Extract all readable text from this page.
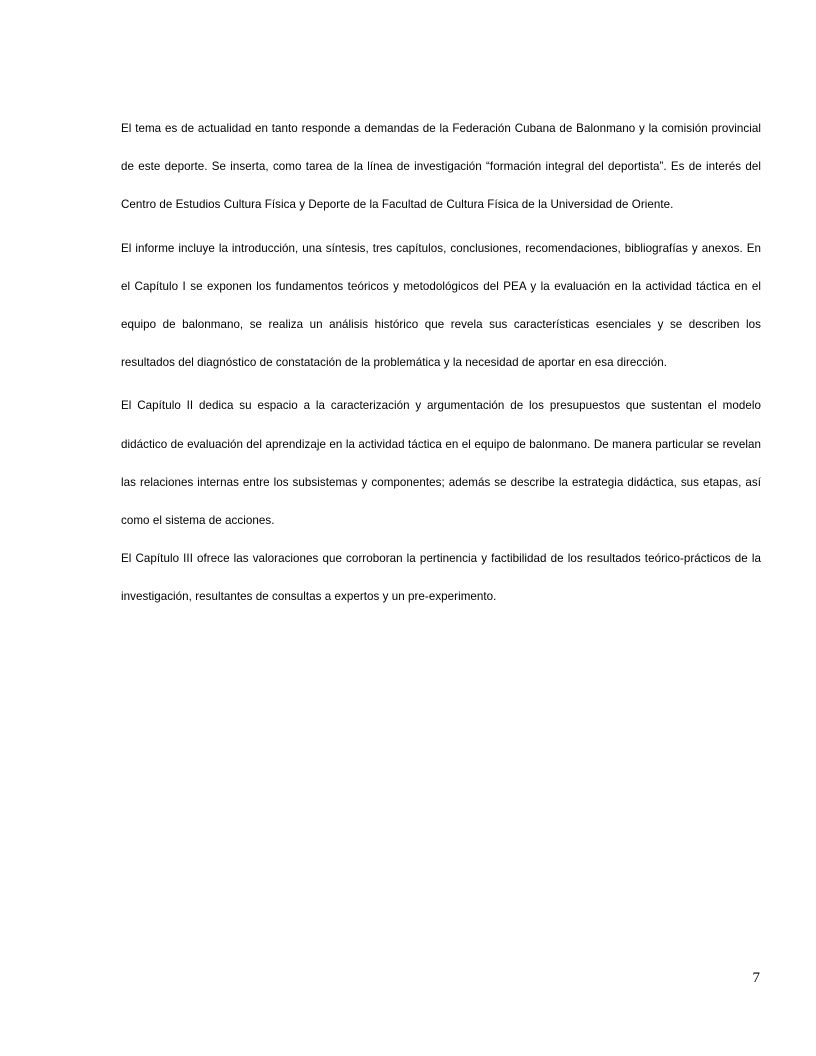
El tema es de actualidad en tanto responde a demandas de la Federación Cubana de Balonmano y la comisión provincial de este deporte. Se inserta, como tarea de la línea de investigación “formación integral del deportista”. Es de interés del Centro de Estudios Cultura Física y Deporte de la Facultad de Cultura Física de la Universidad de Oriente.

El informe incluye la introducción, una síntesis, tres capítulos, conclusiones, recomendaciones, bibliografías y anexos. En el Capítulo I se exponen los fundamentos teóricos y metodológicos del PEA y la evaluación en la actividad táctica en el equipo de balonmano, se realiza un análisis histórico que revela sus características esenciales y se describen los resultados del diagnóstico de constatación de la problemática y la necesidad de aportar en esa dirección.

El Capítulo II dedica su espacio a la caracterización y argumentación de los presupuestos que sustentan el modelo didáctico de evaluación del aprendizaje en la actividad táctica en el equipo de balonmano. De manera particular se revelan las relaciones internas entre los subsistemas y componentes; además se describe la estrategia didáctica, sus etapas, así como el sistema de acciones.

El Capítulo III ofrece las valoraciones que corroboran la pertinencia y factibilidad de los resultados teórico-prácticos de la investigación, resultantes de consultas a expertos y un pre-experimento.

7
